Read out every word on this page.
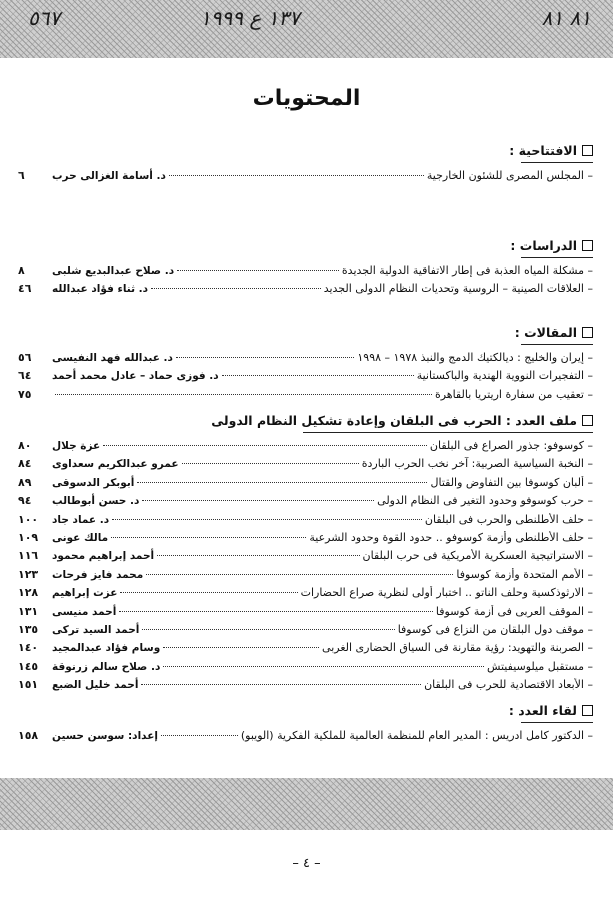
٨١ ٨١
١٣٧ ع ١٩٩٩
٥٦٧
المحتويات
الافتتاحية :
– المجلس المصرى للشئون الخارجية
د. أسامة الغزالى حرب
٦
الدراسات :
– مشكلة المياه العذبة فى إطار الاتفاقية الدولية الجديدة
د. صلاح عبدالبديع شلبى
٨
– العلاقات الصينية – الروسية وتحديات النظام الدولى الجديد
د. ثناء فؤاد عبدالله
٤٦
المقالات :
– إيران والخليج : ديالكتيك الدمج والنبذ ١٩٧٨ – ١٩٩٨
د. عبدالله فهد النفيسى
٥٦
– التفجيرات النووية الهندية والباكستانية
د. فوزى حماد – عادل محمد أحمد
٦٤
– تعقيب من سفارة اريتريا بالقاهرة
٧٥
ملف العدد : الحرب فى البلقان وإعادة تشكيل النظام الدولى
– كوسوفو: جذور الصراع فى البلقان
عزة جلال
٨٠
– النخبة السياسية الصربية: آخر نخب الحرب الباردة
عمرو عبدالكريم سعداوى
٨٤
– ألبان كوسوفا بين التفاوض والقتال
أبوبكر الدسوقى
٨٩
– حرب كوسوفو وحدود التغير فى النظام الدولى
د. حسن أبوطالب
٩٤
– حلف الأطلنطى والحرب فى البلقان
د. عماد جاد
١٠٠
– حلف الأطلنطى وأزمة كوسوفو .. حدود القوة وحدود الشرعية
مالك عونى
١٠٩
– الاستراتيجية العسكرية الأمريكية فى حرب البلقان
أحمد إبراهيم محمود
١١٦
– الأمم المتحدة وأزمة كوسوفا
محمد فايز فرحات
١٢٣
– الارثوذكسية وحلف الناتو .. اختبار أولى لنظرية صراع الحضارات
عزت إبراهيم
١٢٨
– الموقف العربى فى أزمة كوسوفا
أحمد منيسى
١٣١
– موقف دول البلقان من النزاع فى كوسوفا
أحمد السيد تركى
١٣٥
– الصربنة والتهويد: رؤية مقارنة فى السياق الحضارى الغربى
وسام فؤاد عبدالمجيد
١٤٠
– مستقبل ميلوسيفيتش
د. صلاح سالم زرنوقة
١٤٥
– الأبعاد الاقتصادية للحرب فى البلقان
أحمد خليل الضبع
١٥١
لقاء العدد :
– الدكتور كامل ادريس : المدير العام للمنظمة العالمية للملكية الفكرية (الويبو)
إعداد: سوسن حسين
١٥٨
– ٤ –
